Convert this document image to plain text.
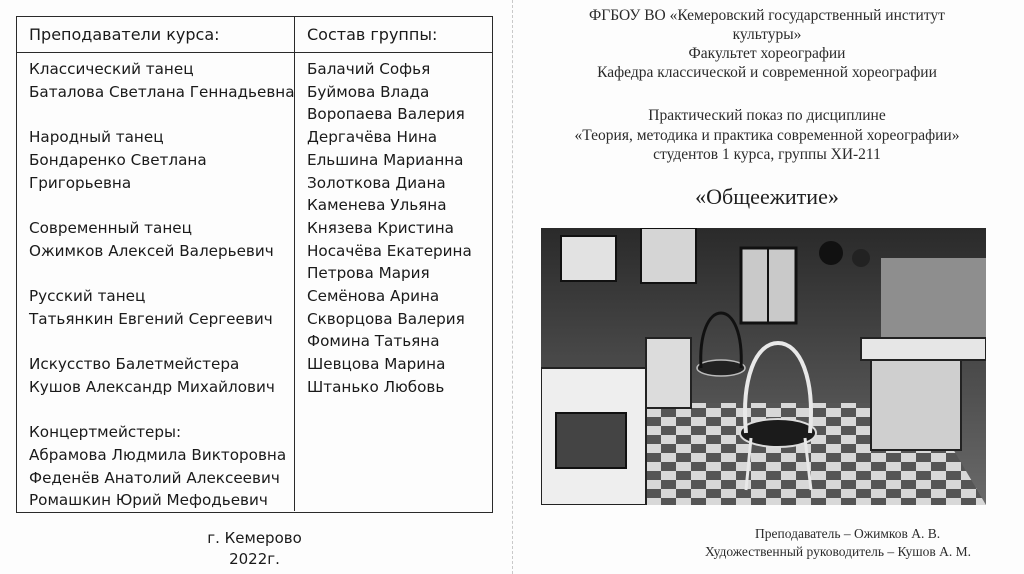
Преподаватели курса:	Состав группы:
Классический танец
Баталова Светлана Геннадьевна
Народный танец
Бондаренко Светлана
Григорьевна
Современный танец
Ожимков Алексей Валерьевич
Русский танец
Татьянкин Евгений Сергеевич
Искусство Балетмейстера
Кушов Александр Михайлович
Концертмейстеры:
Абрамова Людмила Викторовна
Феденёв Анатолий Алексеевич
Ромашкин Юрий Мефодьевич
Балачий Софья
Буймова Влада
Воропаева Валерия
Дергачёва Нина
Ельшина Марианна
Золоткова Диана
Каменева Ульяна
Князева Кристина
Носачёва Екатерина
Петрова Мария
Семёнова Арина
Скворцова Валерия
Фомина Татьяна
Шевцова Марина
Штанько Любовь
г. Кемерово
2022г.
ФГБОУ ВО «Кемеровский государственный институт
культуры»
Факультет хореографии
Кафедра классической и современной хореографии
Практический показ по дисциплине
«Теория, методика и практика современной хореографии»
студентов 1 курса, группы ХИ-211
«Общеежитие»
Преподаватель – Ожимков А. В.
Художественный руководитель – Кушов А. М.
